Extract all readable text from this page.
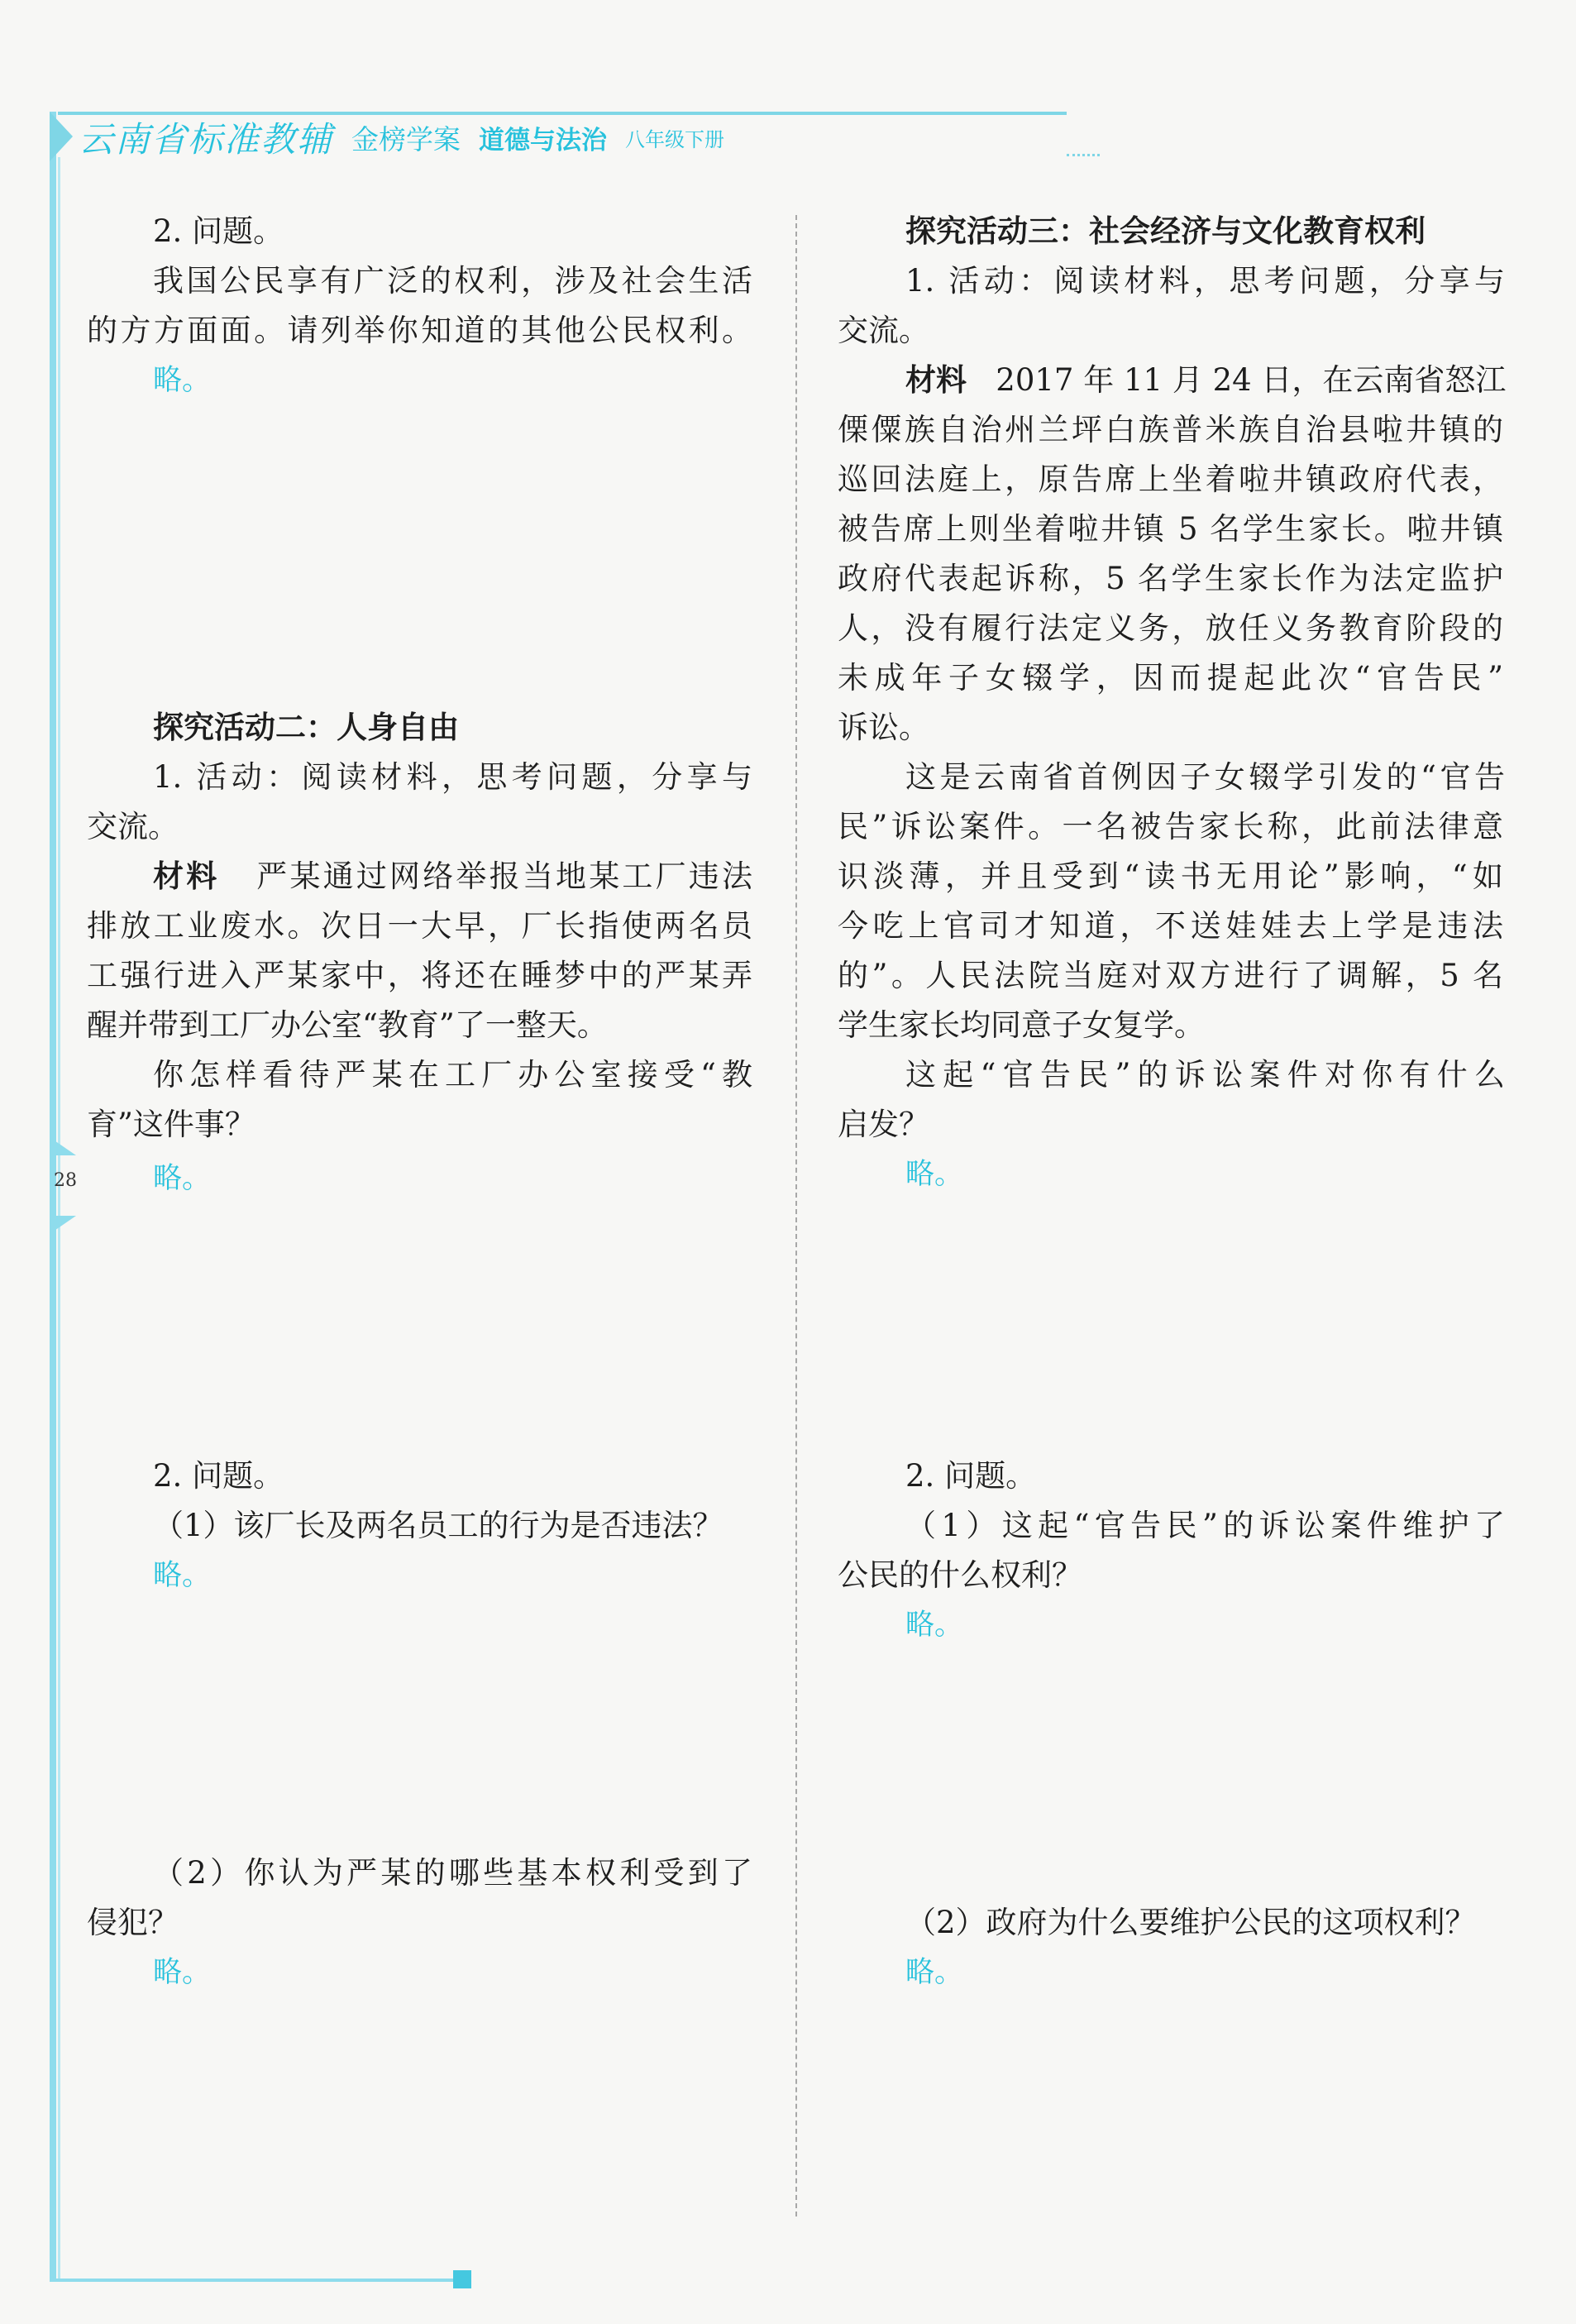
28
云南省标准教辅 金榜学案 道德与法治 八年级下册
2. 问题。
我国公民享有广泛的权利，涉及社会生活
的方方面面。请列举你知道的其他公民权利。
略。
探究活动二：人身自由
1. 活动：阅读材料，思考问题，分享与
交流。
材料 严某通过网络举报当地某工厂违法
排放工业废水。次日一大早，厂长指使两名员
工强行进入严某家中，将还在睡梦中的严某弄
醒并带到工厂办公室“教育”了一整天。
你怎样看待严某在工厂办公室接受“教
育”这件事？
略。
2. 问题。
（1）该厂长及两名员工的行为是否违法？
略。
（2）你认为严某的哪些基本权利受到了
侵犯？
略。
探究活动三：社会经济与文化教育权利
1. 活动：阅读材料，思考问题，分享与
交流。
材料 2017 年 11 月 24 日，在云南省怒江
傈僳族自治州兰坪白族普米族自治县啦井镇的
巡回法庭上，原告席上坐着啦井镇政府代表，
被告席上则坐着啦井镇 5 名学生家长。啦井镇
政府代表起诉称，5 名学生家长作为法定监护
人，没有履行法定义务，放任义务教育阶段的
未成年子女辍学，因而提起此次“官告民”
诉讼。
这是云南省首例因子女辍学引发的“官告
民”诉讼案件。一名被告家长称，此前法律意
识淡薄，并且受到“读书无用论”影响，“如
今吃上官司才知道，不送娃娃去上学是违法
的”。人民法院当庭对双方进行了调解，5 名
学生家长均同意子女复学。
这起“官告民”的诉讼案件对你有什么
启发？
略。
2. 问题。
（1）这起“官告民”的诉讼案件维护了
公民的什么权利？
略。
（2）政府为什么要维护公民的这项权利？
略。
